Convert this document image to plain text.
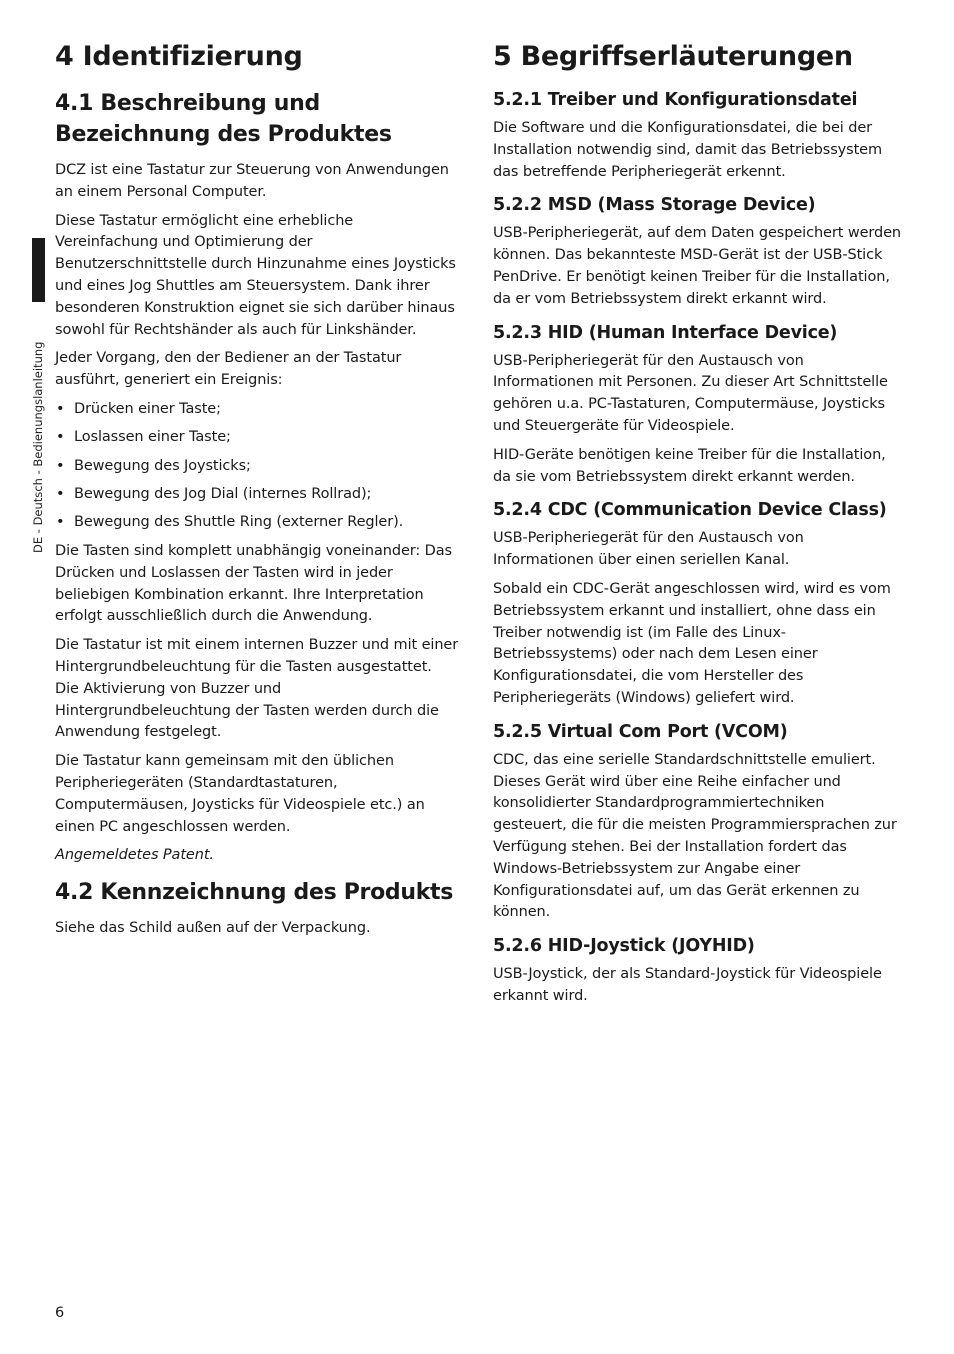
DE - Deutsch - Bedienungslanleitung
4 Identifizierung
4.1 Beschreibung und
Bezeichnung des Produktes

DCZ ist eine Tastatur zur Steuerung von Anwendungen an einem Personal Computer.

Diese Tastatur ermöglicht eine erhebliche Vereinfachung und Optimierung der Benutzerschnittstelle durch Hinzunahme eines Joysticks und eines Jog Shuttles am Steuersystem. Dank ihrer besonderen Konstruktion eignet sie sich darüber hinaus sowohl für Rechtshänder als auch für Linkshänder.

Jeder Vorgang, den der Bediener an der Tastatur ausführt, generiert ein Ereignis:

• Drücken einer Taste;
• Loslassen einer Taste;
• Bewegung des Joysticks;
• Bewegung des Jog Dial (internes Rollrad);
• Bewegung des Shuttle Ring (externer Regler).

Die Tasten sind komplett unabhängig voneinander: Das Drücken und Loslassen der Tasten wird in jeder beliebigen Kombination erkannt. Ihre Interpretation erfolgt ausschließlich durch die Anwendung.

Die Tastatur ist mit einem internen Buzzer und mit einer Hintergrundbeleuchtung für die Tasten ausgestattet. Die Aktivierung von Buzzer und Hintergrundbeleuchtung der Tasten werden durch die Anwendung festgelegt.

Die Tastatur kann gemeinsam mit den üblichen Peripheriegeräten (Standardtastaturen, Computermäusen, Joysticks für Videospiele etc.) an einen PC angeschlossen werden.

Angemeldetes Patent.

4.2 Kennzeichnung des Produkts

Siehe das Schild außen auf der Verpackung.

5 Begriffserläuterungen
5.2.1 Treiber und Konfigurationsdatei

Die Software und die Konfigurationsdatei, die bei der Installation notwendig sind, damit das Betriebssystem das betreffende Peripheriegerät erkennt.

5.2.2 MSD (Mass Storage Device)

USB-Peripheriegerät, auf dem Daten gespeichert werden können. Das bekannteste MSD-Gerät ist der USB-Stick PenDrive. Er benötigt keinen Treiber für die Installation, da er vom Betriebssystem direkt erkannt wird.

5.2.3 HID (Human Interface Device)

USB-Peripheriegerät für den Austausch von Informationen mit Personen. Zu dieser Art Schnittstelle gehören u.a. PC-Tastaturen, Computermäuse, Joysticks und Steuergeräte für Videospiele.

HID-Geräte benötigen keine Treiber für die Installation, da sie vom Betriebssystem direkt erkannt werden.

5.2.4 CDC (Communication Device Class)

USB-Peripheriegerät für den Austausch von Informationen über einen seriellen Kanal.

Sobald ein CDC-Gerät angeschlossen wird, wird es vom Betriebssystem erkannt und installiert, ohne dass ein Treiber notwendig ist (im Falle des Linux-Betriebssystems) oder nach dem Lesen einer Konfigurationsdatei, die vom Hersteller des Peripheriegeräts (Windows) geliefert wird.

5.2.5 Virtual Com Port (VCOM)

CDC, das eine serielle Standardschnittstelle emuliert. Dieses Gerät wird über eine Reihe einfacher und konsolidierter Standardprogrammiertechniken gesteuert, die für die meisten Programmiersprachen zur Verfügung stehen. Bei der Installation fordert das Windows-Betriebssystem zur Angabe einer Konfigurationsdatei auf, um das Gerät erkennen zu können.

5.2.6 HID-Joystick (JOYHID)

USB-Joystick, der als Standard-Joystick für Videospiele erkannt wird.

6
